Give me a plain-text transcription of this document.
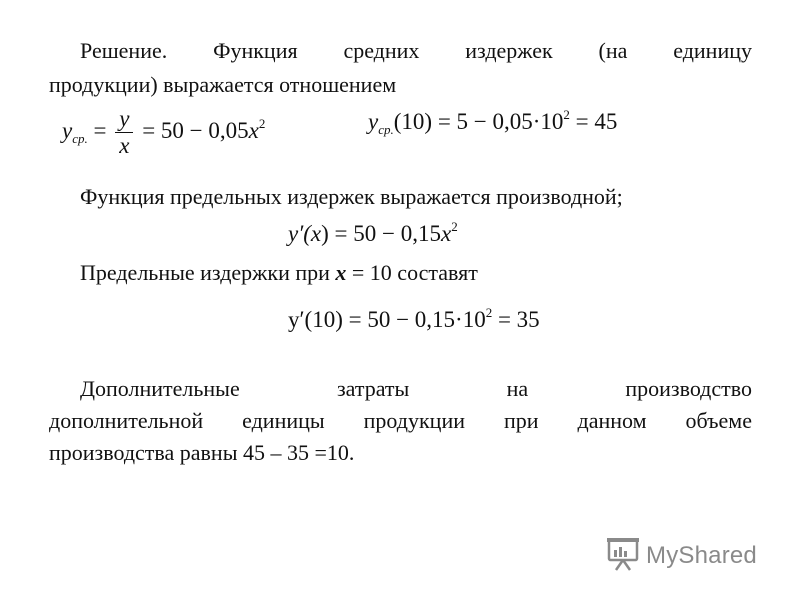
Решение. Функция средних издержек (на единицу

продукции) выражается отношением

$y_{ср.} = \frac{y}{x} = 50 - 0,05x^2$	$y_{ср.}(10) = 5 - 0,05\cdot 10^2 = 45$

Функция предельных издержек выражается производной;

$y'(x) = 50 - 0,15x^2$

Предельные издержки при x = 10 составят

$y'(10) = 50 - 0,15\cdot 10^2 = 35$

Дополнительные затраты на производство

дополнительной единицы продукции при данном объеме

производства равны 45 – 35 =10.

MyShared
